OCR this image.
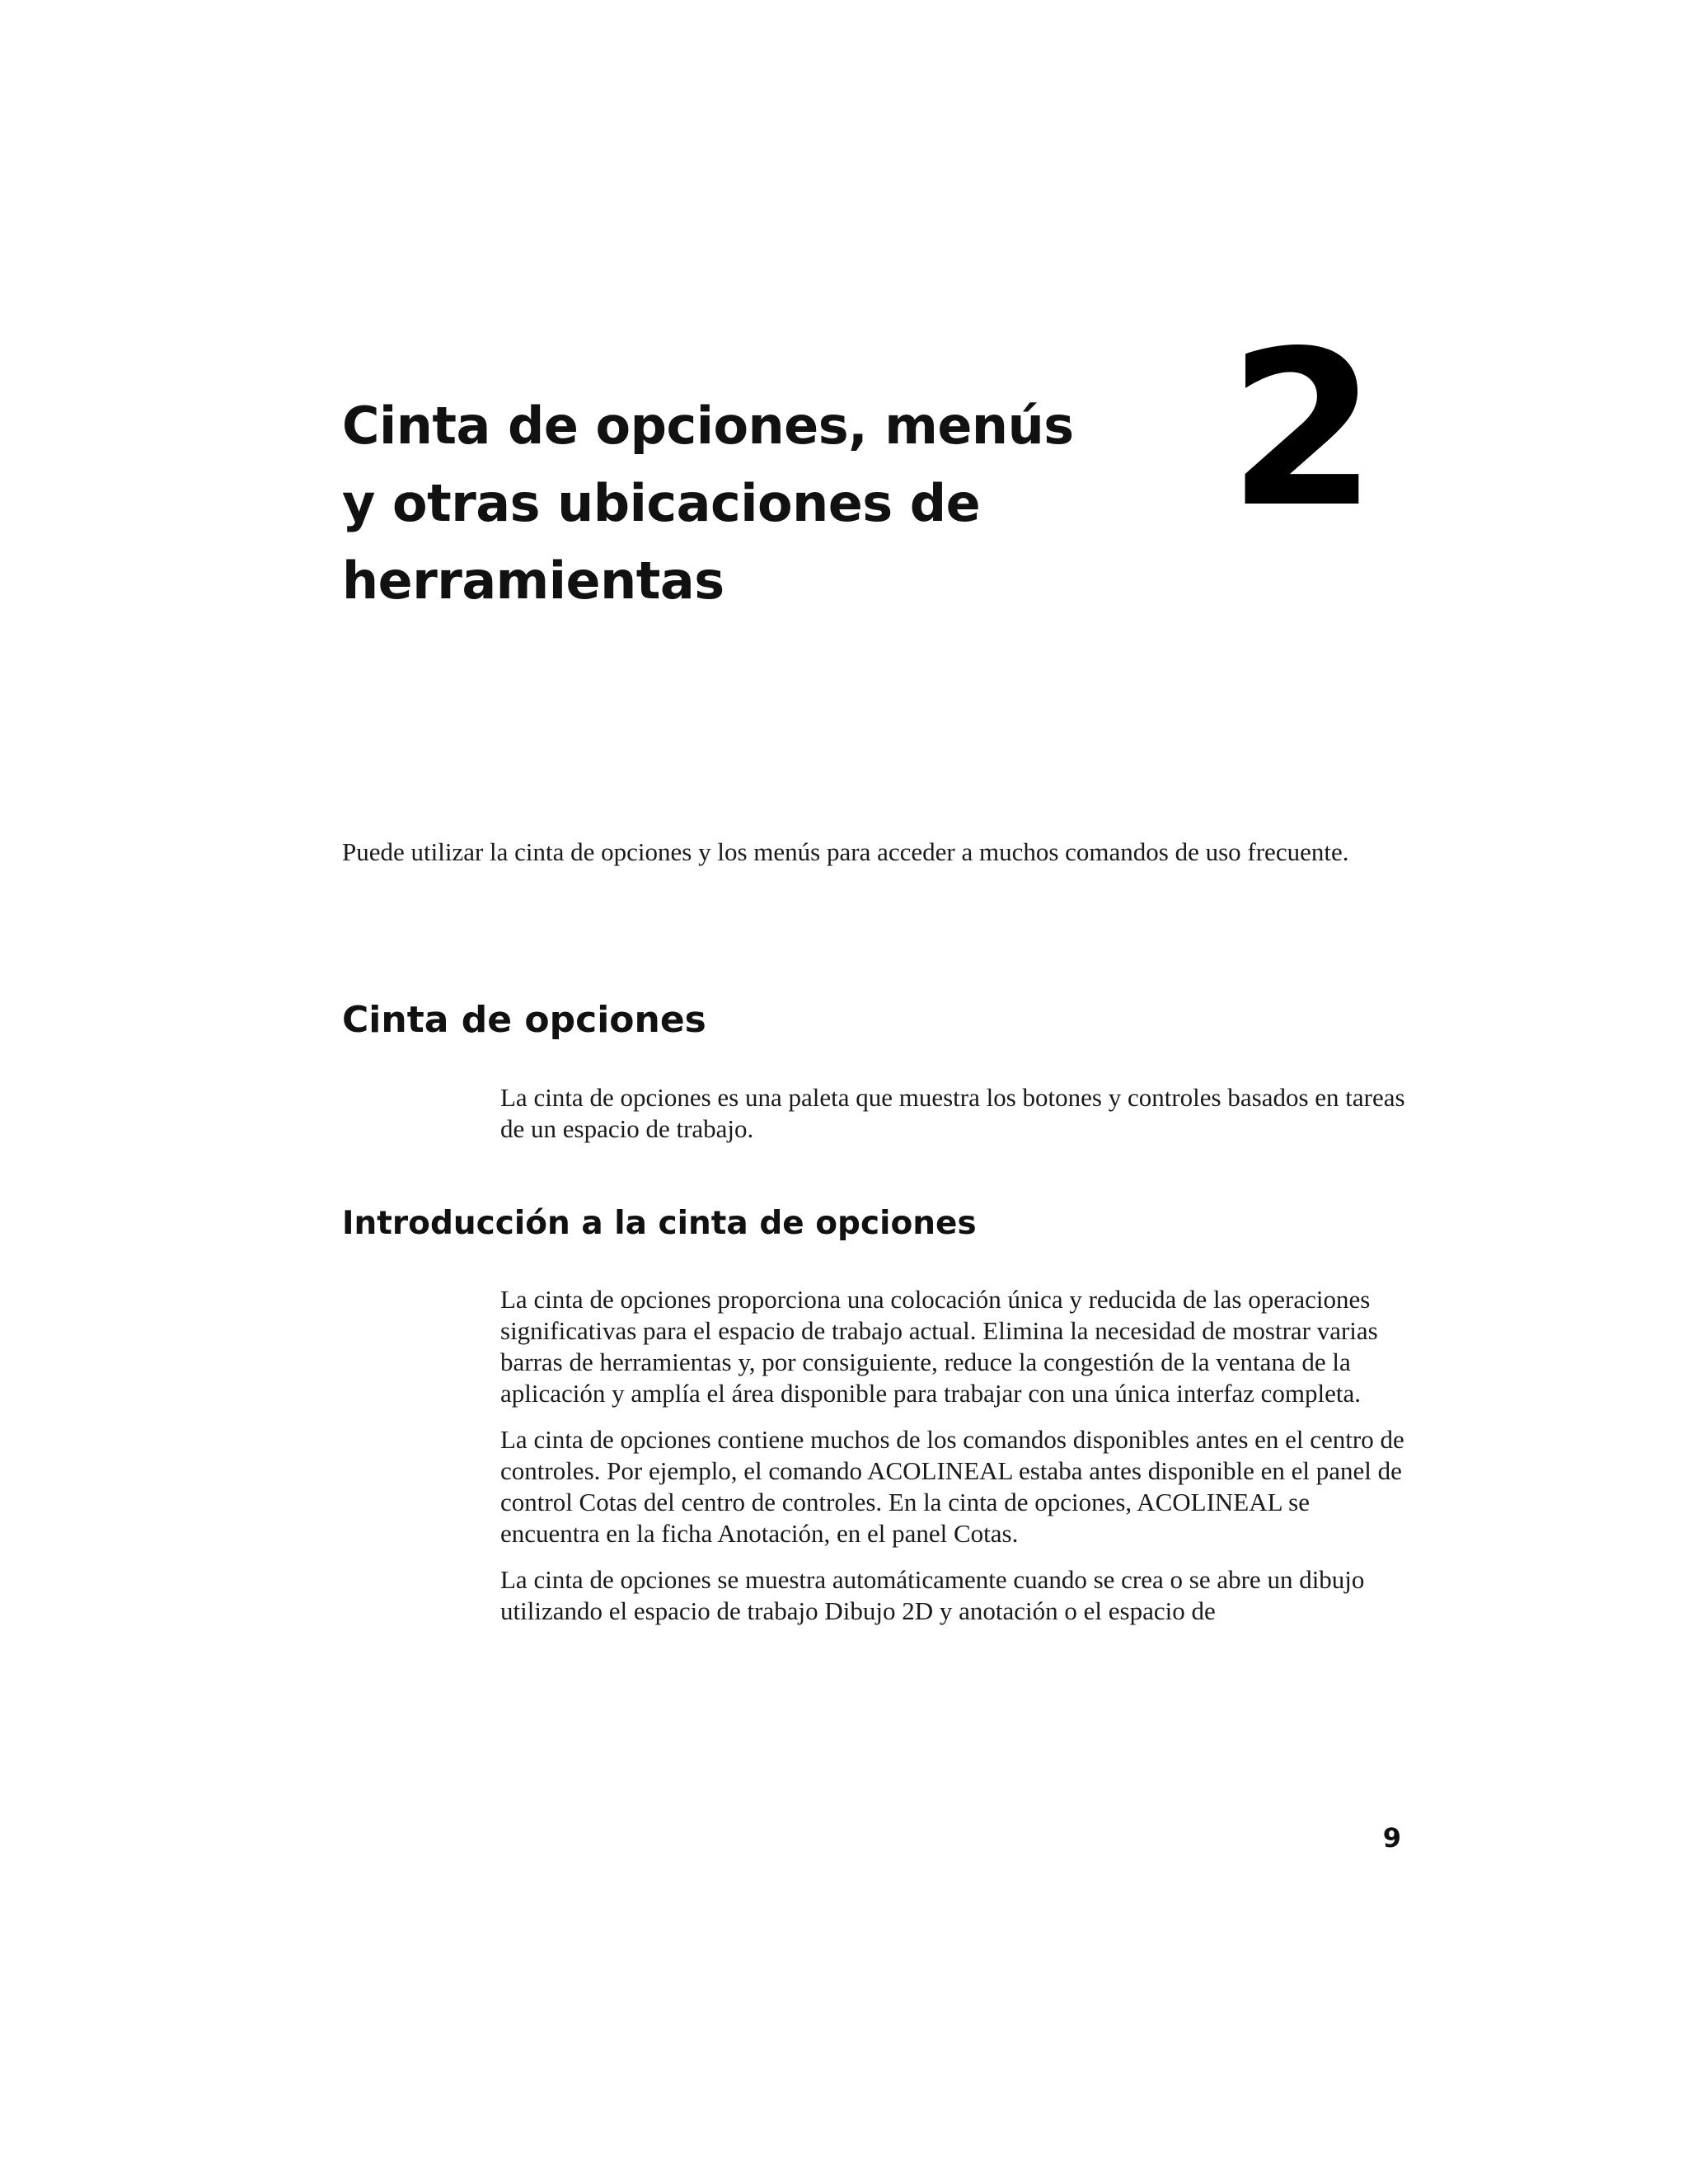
Cinta de opciones, menús
y otras ubicaciones de
herramientas
2

Puede utilizar la cinta de opciones y los menús para acceder a muchos comandos de uso frecuente.

Cinta de opciones

La cinta de opciones es una paleta que muestra los botones y controles basados en tareas de un espacio de trabajo.

Introducción a la cinta de opciones

La cinta de opciones proporciona una colocación única y reducida de las operaciones significativas para el espacio de trabajo actual. Elimina la necesidad de mostrar varias barras de herramientas y, por consiguiente, reduce la congestión de la ventana de la aplicación y amplía el área disponible para trabajar con una única interfaz completa.

La cinta de opciones contiene muchos de los comandos disponibles antes en el centro de controles. Por ejemplo, el comando ACOLINEAL estaba antes disponible en el panel de control Cotas del centro de controles. En la cinta de opciones, ACOLINEAL se encuentra en la ficha Anotación, en el panel Cotas.

La cinta de opciones se muestra automáticamente cuando se crea o se abre un dibujo utilizando el espacio de trabajo Dibujo 2D y anotación o el espacio de

9
